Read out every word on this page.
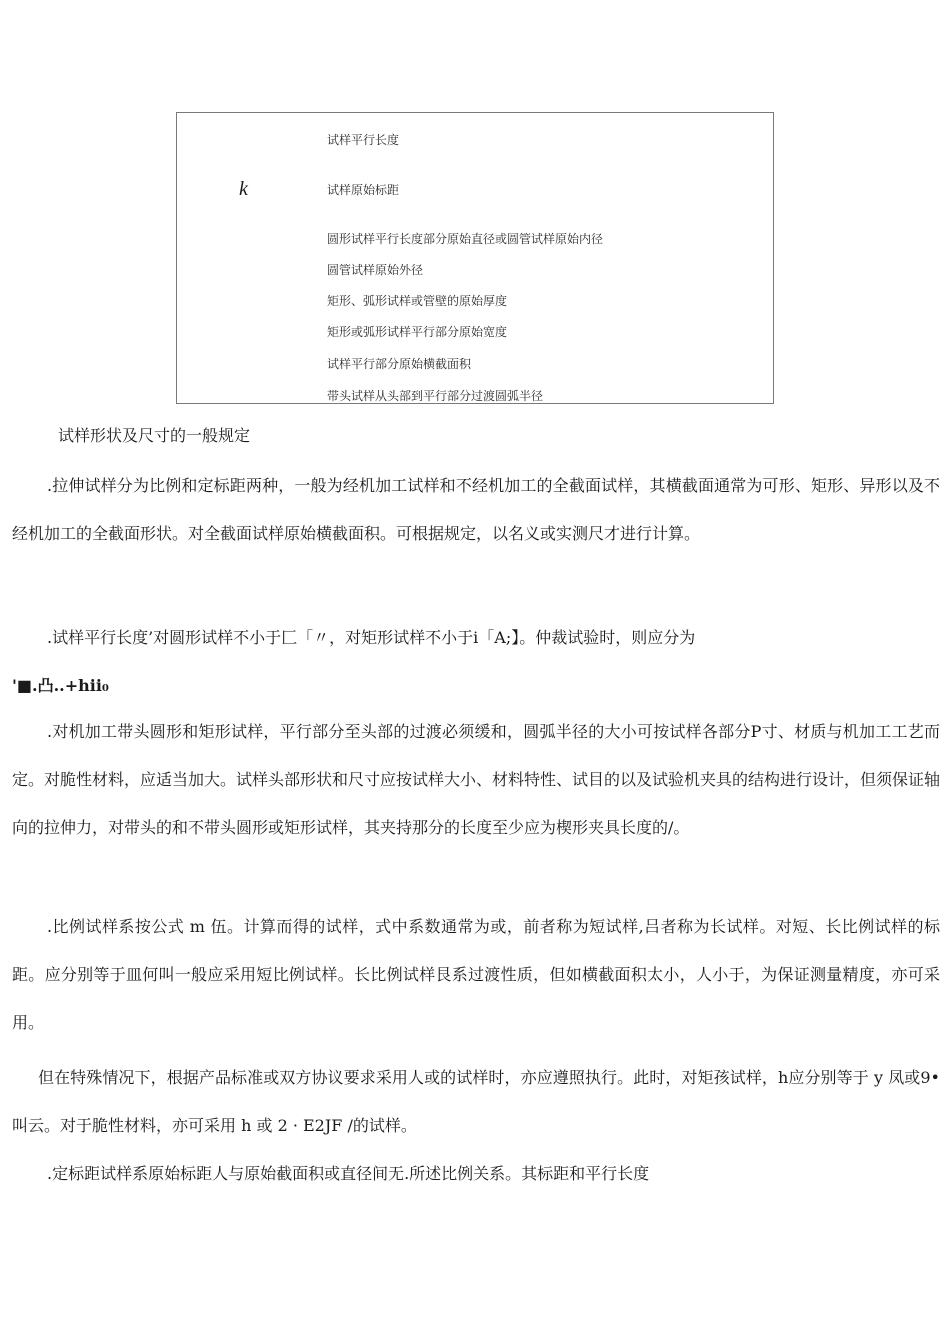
k
试样平行长度
试样原始标距
圆形试样平行长度部分原始直径或圆管试样原始内径
圆管试样原始外径
矩形、弧形试样或管壁的原始厚度
矩形或弧形试样平行部分原始宽度
试样平行部分原始横截面积
带头试样从头部到平行部分过渡圆弧半径
试样形状及尺寸的一般规定

.拉伸试样分为比例和定标距两种，一般为经机加工试样和不经机加工的全截面试样，其横截面通常为可形、矩形、异形以及不经机加工的全截面形状。对全截面试样原始横截面积。可根据规定，以名义或实测尺才进行计算。

.试样平行长度’对圆形试样不小于匚「〃，对矩形试样不小于i「A;】。仲裁试验时，则应分为
'■.凸..+hii₀

.对机加工带头圆形和矩形试样，平行部分至头部的过渡必须缓和，圆弧半径的大小可按试样各部分P寸、材质与机加工工艺而定。对脆性材料，应适当加大。试样头部形状和尺寸应按试样大小、材料特性、试目的以及试验机夹具的结构进行设计，但须保证轴向的拉伸力，对带头的和不带头圆形或矩形试样，其夹持那分的长度至少应为楔形夹具长度的/。

.比例试样系按公式 m 伍。计算而得的试样，式中系数通常为或，前者称为短试样,吕者称为长试样。对短、长比例试样的标距。应分别等于皿何叫一般应采用短比例试样。长比例试样艮系过渡性质，但如横截面积太小，人小于，为保证测量精度，亦可采用。

但在特殊情况下，根据产品标准或双方协议要求采用人或的试样时，亦应遵照执行。此时，对矩孩试样，h应分别等于 y 凤或9•叫云。对于脆性材料，亦可采用 h 或 2 · E2JF /的试样。

.定标距试样系原始标距人与原始截面积或直径间无.所述比例关系。其标距和平行长度
